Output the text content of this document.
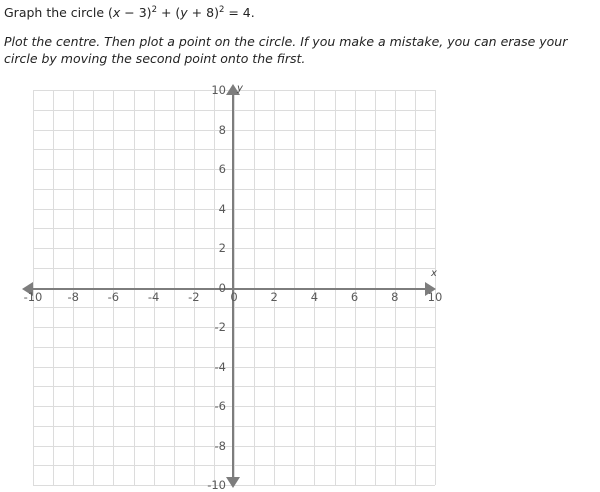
Graph the circle $(x - 3)^2 + (y + 8)^2 = 4$.
Plot the centre. Then plot a point on the circle. If you make a mistake, you can erase your circle by moving the second point onto the first.
x
y
-10	-8	-6	-4	-2	0	2	4	6	8	10
10
8
6
4
2
0
-2
-4
-6
-8
-10
